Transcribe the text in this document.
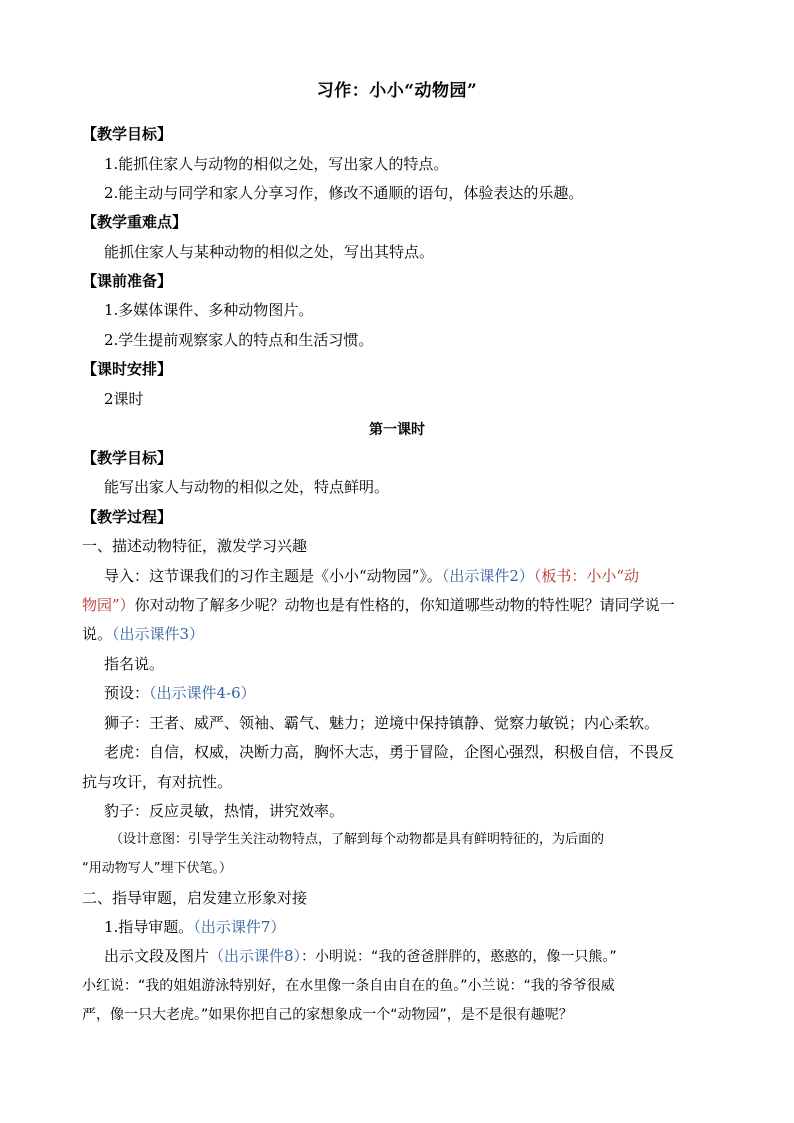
习作：小小“动物园”
【教学目标】
1.能抓住家人与动物的相似之处，写出家人的特点。
2.能主动与同学和家人分享习作，修改不通顺的语句，体验表达的乐趣。
【教学重难点】
能抓住家人与某种动物的相似之处，写出其特点。
【课前准备】
1.多媒体课件、多种动物图片。
2.学生提前观察家人的特点和生活习惯。
【课时安排】
2课时
第一课时
【教学目标】
能写出家人与动物的相似之处，特点鲜明。
【教学过程】
一、描述动物特征，激发学习兴趣
导入：这节课我们的习作主题是《小小“动物园”》。（出示课件2）（板书：小小“动
物园”）你对动物了解多少呢？动物也是有性格的，你知道哪些动物的特性呢？请同学说一
说。（出示课件3）
指名说。
预设：（出示课件4-6）
狮子：王者、威严、领袖、霸气、魅力；逆境中保持镇静、觉察力敏锐；内心柔软。
老虎：自信，权威，决断力高，胸怀大志，勇于冒险，企图心强烈，积极自信，不畏反
抗与攻讦，有对抗性。
豹子：反应灵敏，热情，讲究效率。
（设计意图：引导学生关注动物特点，了解到每个动物都是具有鲜明特征的，为后面的
“用动物写人”埋下伏笔。）
二、指导审题，启发建立形象对接
1.指导审题。（出示课件7）
出示文段及图片（出示课件8）：小明说：“我的爸爸胖胖的，憨憨的，像一只熊。”
小红说：“我的姐姐游泳特别好，在水里像一条自由自在的鱼。”小兰说：“我的爷爷很威
严，像一只大老虎。”如果你把自己的家想象成一个“动物园”，是不是很有趣呢？
